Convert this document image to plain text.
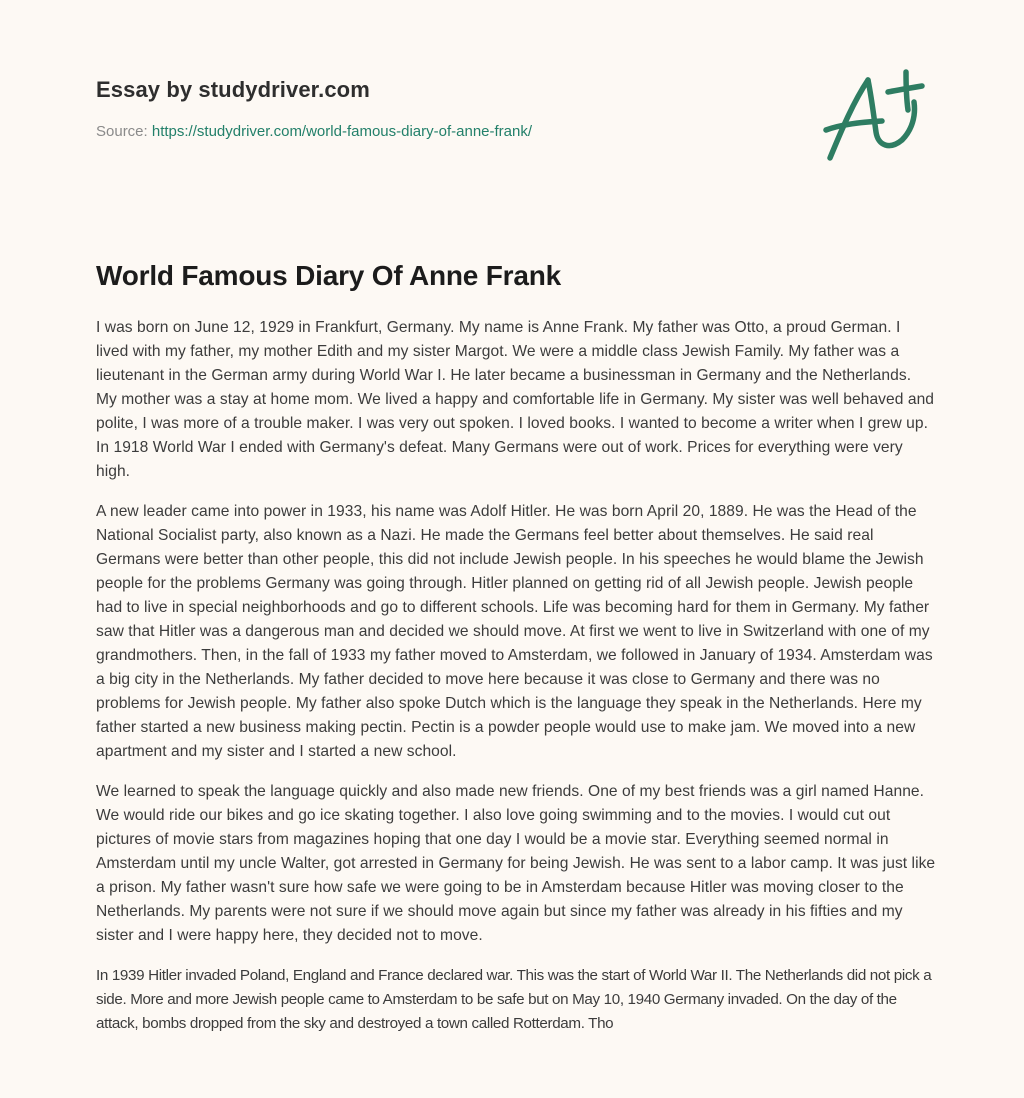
Essay by studydriver.com
Source: https://studydriver.com/world-famous-diary-of-anne-frank/
World Famous Diary Of Anne Frank

I was born on June 12, 1929 in Frankfurt, Germany. My name is Anne Frank. My father was Otto, a proud German. I lived with my father, my mother Edith and my sister Margot. We were a middle class Jewish Family. My father was a lieutenant in the German army during World War I. He later became a businessman in Germany and the Netherlands. My mother was a stay at home mom. We lived a happy and comfortable life in Germany. My sister was well behaved and polite, I was more of a trouble maker. I was very out spoken. I loved books. I wanted to become a writer when I grew up. In 1918 World War I ended with Germany's defeat. Many Germans were out of work. Prices for everything were very high.

A new leader came into power in 1933, his name was Adolf Hitler. He was born April 20, 1889. He was the Head of the National Socialist party, also known as a Nazi. He made the Germans feel better about themselves. He said real Germans were better than other people, this did not include Jewish people. In his speeches he would blame the Jewish people for the problems Germany was going through. Hitler planned on getting rid of all Jewish people. Jewish people had to live in special neighborhoods and go to different schools. Life was becoming hard for them in Germany. My father saw that Hitler was a dangerous man and decided we should move. At first we went to live in Switzerland with one of my grandmothers. Then, in the fall of 1933 my father moved to Amsterdam, we followed in January of 1934. Amsterdam was a big city in the Netherlands. My father decided to move here because it was close to Germany and there was no problems for Jewish people. My father also spoke Dutch which is the language they speak in the Netherlands. Here my father started a new business making pectin. Pectin is a powder people would use to make jam. We moved into a new apartment and my sister and I started a new school.

We learned to speak the language quickly and also made new friends. One of my best friends was a girl named Hanne. We would ride our bikes and go ice skating together. I also love going swimming and to the movies. I would cut out pictures of movie stars from magazines hoping that one day I would be a movie star. Everything seemed normal in Amsterdam until my uncle Walter, got arrested in Germany for being Jewish. He was sent to a labor camp. It was just like a prison. My father wasn't sure how safe we were going to be in Amsterdam because Hitler was moving closer to the Netherlands. My parents were not sure if we should move again but since my father was already in his fifties and my sister and I were happy here, they decided not to move.

In 1939 Hitler invaded Poland, England and France declared war. This was the start of World War II. The Netherlands did not pick a side. More and more Jewish people came to Amsterdam to be safe but on May 10, 1940 Germany invaded. On the day of the attack, bombs dropped from the sky and destroyed a town called Rotterdam. Tho
